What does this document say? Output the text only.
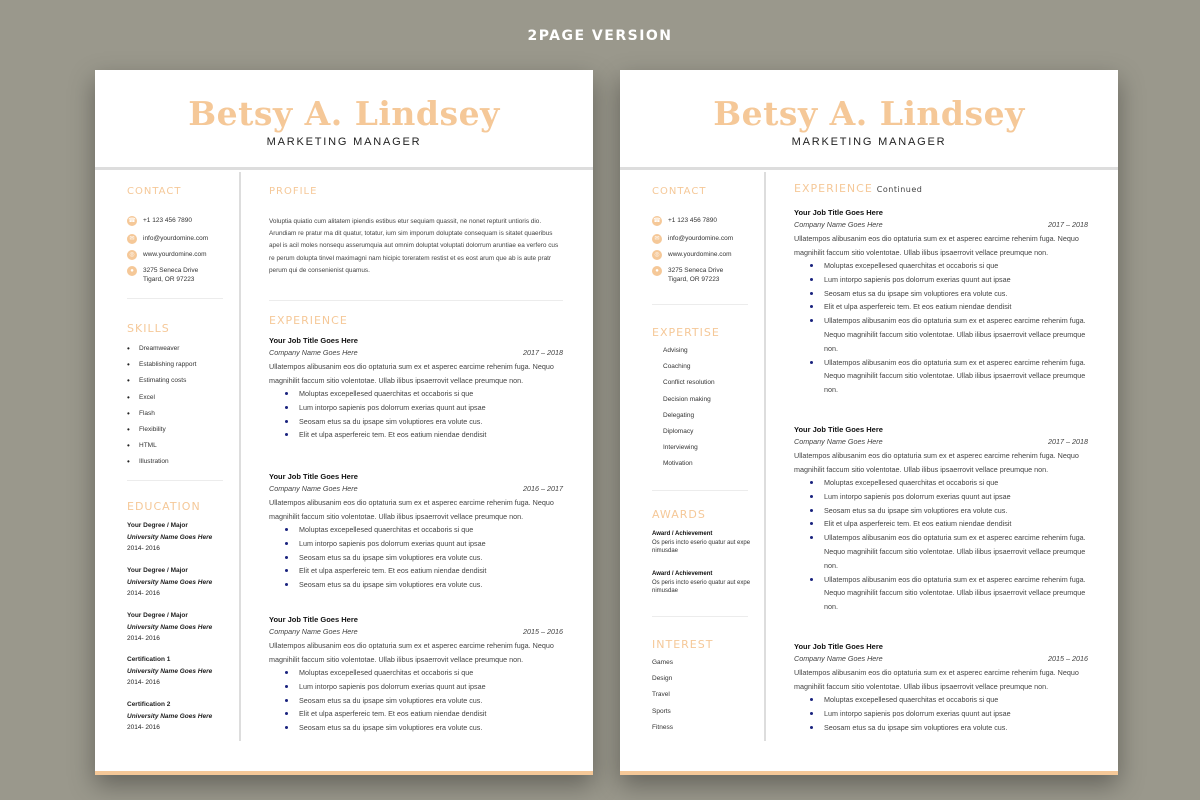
2PAGE VERSION
Betsy A. Lindsey
MARKETING MANAGER
CONTACT
☎ +1 123 456 7890
✉	info@yourdomine.com
◎	www.yourdomine.com
●	3275 Seneca Drive
Tigard, OR 97223
SKILLS
• Dreamweaver
• Establishing rapport
• Estimating costs
• Excel
• Flash
• Flexibility
• HTML
• Illustration
EDUCATION
Your Degree / Major
University Name Goes Here
2014- 2016
Your Degree / Major
University Name Goes Here
2014- 2016
Your Degree / Major
University Name Goes Here
2014- 2016
Certification 1
University Name Goes Here
2014- 2016
Certification 2
University Name Goes Here
2014- 2016
PROFILE
Voluptia quiatio cum alitatem ipiendis estibus etur sequiam quassit, ne nonet repturit untioris dio. Arundiam re pratur ma dit quatur, totatur, ium sim imporum doluptate consequam is sitatet quaeribus apel is acil moles nonsequ asserumquia aut omnim doluptat voluptati dolorrum aruntiae ea verfero cus re perum dolupta tinvel maximagni nam hicipic toreratem restist et es eost arum que ab is aute pratr perum qui de consenienist quamus.
EXPERIENCE
Your Job Title Goes Here
Company Name Goes Here	2017 – 2018
Ullatempos alibusanim eos dio optaturia sum ex et asperec earcime rehenim fuga. Nequo magnihilit faccum sitio volentotae. Ullab ilibus ipsaerrovit vellace preumque non.
Moluptas excepellesed quaerchitas et occaboris si que
Lum intorpo sapienis pos dolorrum exerias quunt aut ipsae
Seosam etus sa du ipsape sim voluptiores era volute cus.
Elit et ulpa asperfereic tem. Et eos eatium niendae dendisit
Your Job Title Goes Here
Company Name Goes Here	2016 – 2017
Ullatempos alibusanim eos dio optaturia sum ex et asperec earcime rehenim fuga. Nequo magnihilit faccum sitio volentotae. Ullab ilibus ipsaerrovit vellace preumque non.
Moluptas excepellesed quaerchitas et occaboris si que
Lum intorpo sapienis pos dolorrum exerias quunt aut ipsae
Seosam etus sa du ipsape sim voluptiores era volute cus.
Elit et ulpa asperfereic tem. Et eos eatium niendae dendisit
Seosam etus sa du ipsape sim voluptiores era volute cus.
Your Job Title Goes Here
Company Name Goes Here	2015 – 2016
Ullatempos alibusanim eos dio optaturia sum ex et asperec earcime rehenim fuga. Nequo magnihilit faccum sitio volentotae. Ullab ilibus ipsaerrovit vellace preumque non.
Moluptas excepellesed quaerchitas et occaboris si que
Lum intorpo sapienis pos dolorrum exerias quunt aut ipsae
Seosam etus sa du ipsape sim voluptiores era volute cus.
Elit et ulpa asperfereic tem. Et eos eatium niendae dendisit
Seosam etus sa du ipsape sim voluptiores era volute cus.
Betsy A. Lindsey
MARKETING MANAGER
CONTACT
☎ +1 123 456 7890
✉	info@yourdomine.com
◎	www.yourdomine.com
●	3275 Seneca Drive
Tigard, OR 97223
EXPERTISE
Advising
Coaching
Conflict resolution
Decision making
Delegating
Diplomacy
Interviewing
Motivation
AWARDS
Award / Achievement
Os peris incto eserio quatur aut expe nimusdae
Award / Achievement
Os peris incto eserio quatur aut expe nimusdae
INTEREST
Games
Design
Travel
Sports
Fitness
EXPERIENCE Continued
Your Job Title Goes Here
Company Name Goes Here	2017 – 2018
Ullatempos alibusanim eos dio optaturia sum ex et asperec earcime rehenim fuga. Nequo magnihilit faccum sitio volentotae. Ullab ilibus ipsaerrovit vellace preumque non.
Moluptas excepellesed quaerchitas et occaboris si que
Lum intorpo sapienis pos dolorrum exerias quunt aut ipsae
Seosam etus sa du ipsape sim voluptiores era volute cus.
Elit et ulpa asperfereic tem. Et eos eatium niendae dendisit
Ullatempos alibusanim eos dio optaturia sum ex et asperec earcime rehenim fuga. Nequo magnihilit faccum sitio volentotae. Ullab ilibus ipsaerrovit vellace preumque non.
Ullatempos alibusanim eos dio optaturia sum ex et asperec earcime rehenim fuga. Nequo magnihilit faccum sitio volentotae. Ullab ilibus ipsaerrovit vellace preumque non.
Your Job Title Goes Here
Company Name Goes Here	2017 – 2018
Ullatempos alibusanim eos dio optaturia sum ex et asperec earcime rehenim fuga. Nequo magnihilit faccum sitio volentotae. Ullab ilibus ipsaerrovit vellace preumque non.
Moluptas excepellesed quaerchitas et occaboris si que
Lum intorpo sapienis pos dolorrum exerias quunt aut ipsae
Seosam etus sa du ipsape sim voluptiores era volute cus.
Elit et ulpa asperfereic tem. Et eos eatium niendae dendisit
Ullatempos alibusanim eos dio optaturia sum ex et asperec earcime rehenim fuga. Nequo magnihilit faccum sitio volentotae. Ullab ilibus ipsaerrovit vellace preumque non.
Ullatempos alibusanim eos dio optaturia sum ex et asperec earcime rehenim fuga. Nequo magnihilit faccum sitio volentotae. Ullab ilibus ipsaerrovit vellace preumque non.
Your Job Title Goes Here
Company Name Goes Here	2015 – 2016
Ullatempos alibusanim eos dio optaturia sum ex et asperec earcime rehenim fuga. Nequo magnihilit faccum sitio volentotae. Ullab ilibus ipsaerrovit vellace preumque non.
Moluptas excepellesed quaerchitas et occaboris si que
Lum intorpo sapienis pos dolorrum exerias quunt aut ipsae
Seosam etus sa du ipsape sim voluptiores era volute cus.
